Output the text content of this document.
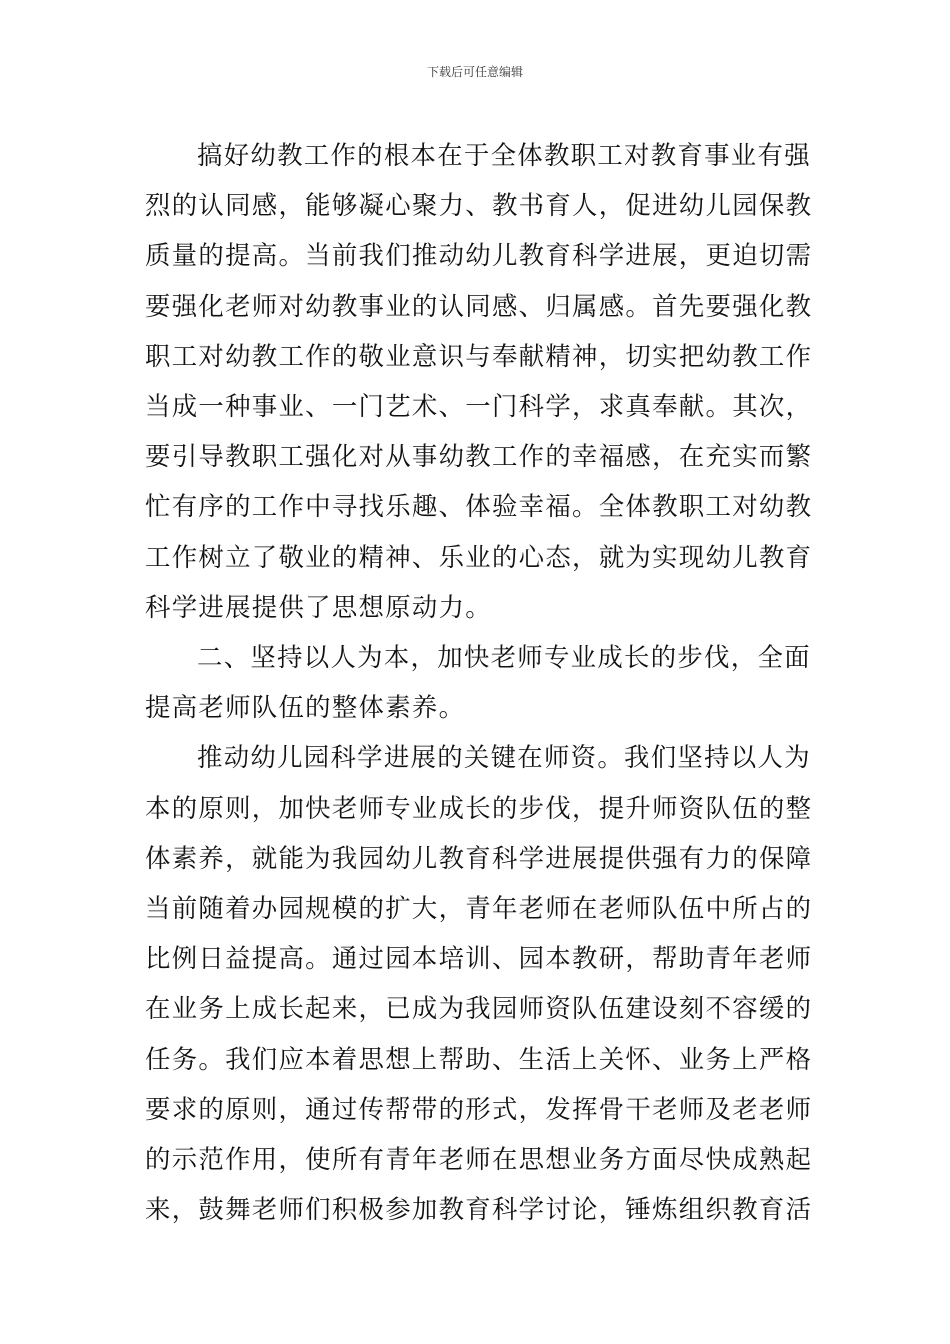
下载后可任意编辑

搞好幼教工作的根本在于全体教职工对教育事业有强
烈的认同感，能够凝心聚力、教书育人，促进幼儿园保教
质量的提高。当前我们推动幼儿教育科学进展，更迫切需
要强化老师对幼教事业的认同感、归属感。首先要强化教
职工对幼教工作的敬业意识与奉献精神，切实把幼教工作
当成一种事业、一门艺术、一门科学，求真奉献。其次，
要引导教职工强化对从事幼教工作的幸福感，在充实而繁
忙有序的工作中寻找乐趣、体验幸福。全体教职工对幼教
工作树立了敬业的精神、乐业的心态，就为实现幼儿教育
科学进展提供了思想原动力。

二、坚持以人为本，加快老师专业成长的步伐，全面
提高老师队伍的整体素养。

推动幼儿园科学进展的关键在师资。我们坚持以人为
本的原则，加快老师专业成长的步伐，提升师资队伍的整
体素养，就能为我园幼儿教育科学进展提供强有力的保障
当前随着办园规模的扩大，青年老师在老师队伍中所占的
比例日益提高。通过园本培训、园本教研，帮助青年老师
在业务上成长起来，已成为我园师资队伍建设刻不容缓的
任务。我们应本着思想上帮助、生活上关怀、业务上严格
要求的原则，通过传帮带的形式，发挥骨干老师及老老师
的示范作用，使所有青年老师在思想业务方面尽快成熟起
来，鼓舞老师们积极参加教育科学讨论，锤炼组织教育活
